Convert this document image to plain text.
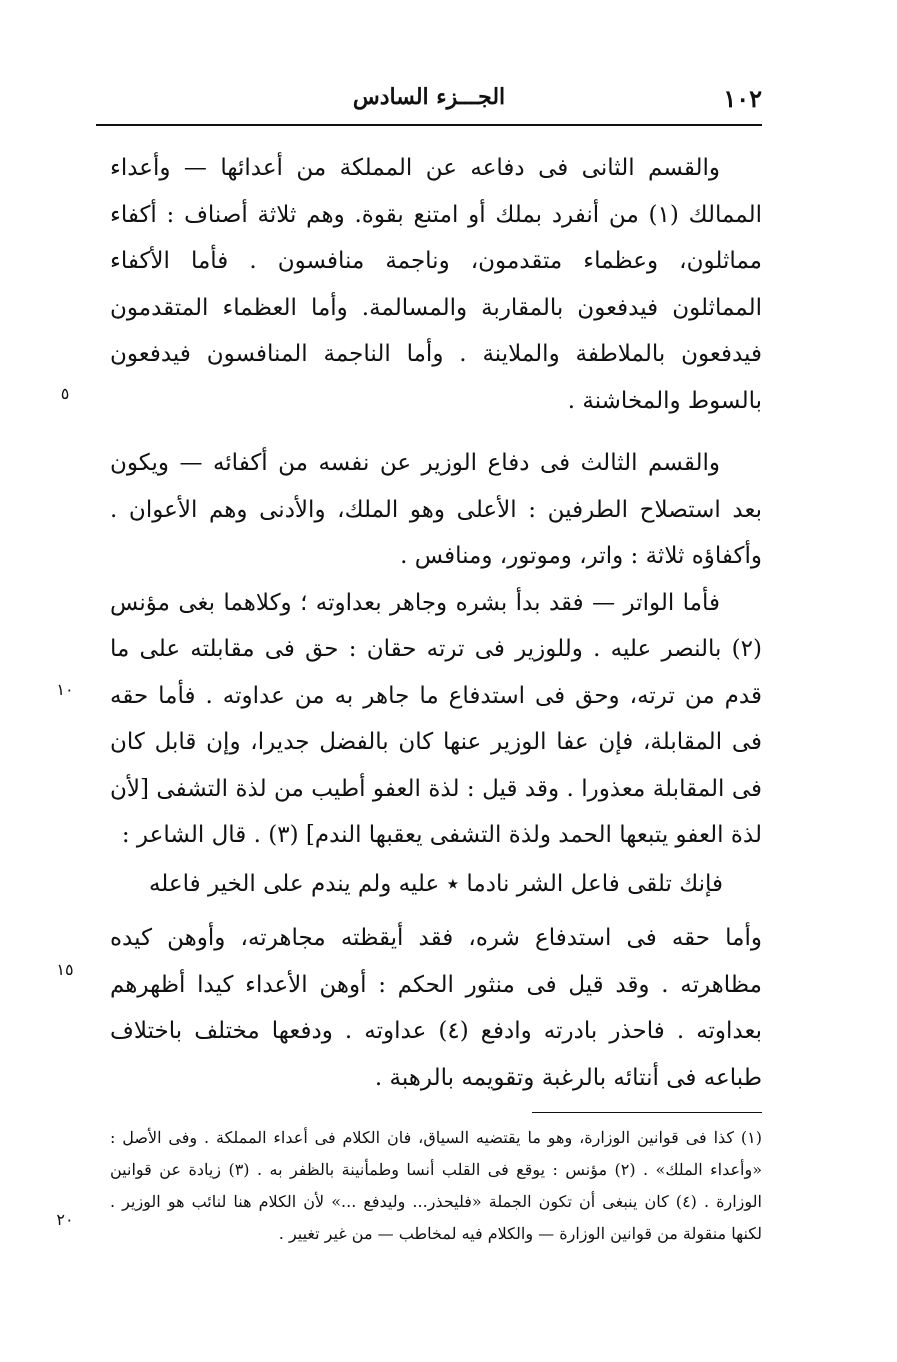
١٠٢
الجـــزء السادس

والقسم الثانى فى دفاعه عن المملكة من أعدائها — وأعداء الممالك (١) من أنفرد بملك أو امتنع بقوة. وهم ثلاثة أصناف : أكفاء مماثلون، وعظماء متقدمون، وناجمة منافسون . فأما الأكفاء المماثلون فيدفعون بالمقاربة والمسالمة. وأما العظماء المتقدمون فيدفعون بالملاطفة والملاينة . وأما الناجمة المنافسون فيدفعون بالسوط والمخاشنة .

والقسم الثالث فى دفاع الوزير عن نفسه من أكفائه — ويكون بعد استصلاح الطرفين : الأعلى وهو الملك، والأدنى وهم الأعوان . وأكفاؤه ثلاثة : واتر، وموتور، ومنافس .

فأما الواتر — فقد بدأ بشره وجاهر بعداوته ؛ وكلاهما بغى مؤنس (٢) بالنصر عليه . وللوزير فى ترته حقان : حق فى مقابلته على ما قدم من ترته، وحق فى استدفاع ما جاهر به من عداوته . فأما حقه فى المقابلة، فإن عفا الوزير عنها كان بالفضل جديرا، وإن قابل كان فى المقابلة معذورا . وقد قيل : لذة العفو أطيب من لذة التشفى [لأن لذة العفو يتبعها الحمد ولذة التشفى يعقبها الندم] (٣) . قال الشاعر :

فإنك تلقى فاعل الشر نادما ٭ عليه ولم يندم على الخير فاعله

وأما حقه فى استدفاع شره، فقد أيقظته مجاهرته، وأوهن كيده مظاهرته . وقد قيل فى منثور الحكم : أوهن الأعداء كيدا أظهرهم بعداوته . فاحذر بادرته وادفع (٤) عداوته . ودفعها مختلف باختلاف طباعه فى أنتائه بالرغبة وتقويمه بالرهبة .

٥
١٠
١٥
٢٠

(١) كذا فى قوانين الوزارة، وهو ما يقتضيه السياق، فان الكلام فى أعداء المملكة . وفى الأصل : «وأعداء الملك» . (٢) مؤنس : يوقع فى القلب أنسا وطمأنينة بالظفر به . (٣) زيادة عن قوانين الوزارة . (٤) كان ينبغى أن تكون الجملة «فليحذر... وليدفع ...» لأن الكلام هنا لنائب هو الوزير . لكنها منقولة من قوانين الوزارة — والكلام فيه لمخاطب — من غير تغيير .
